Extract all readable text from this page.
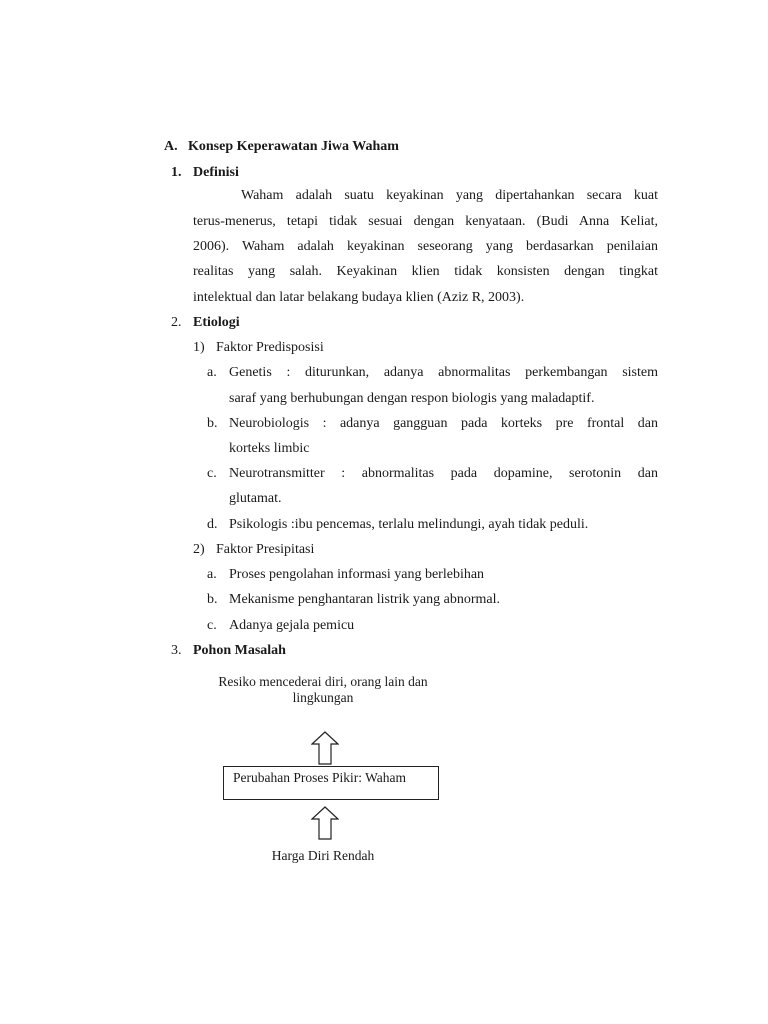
A. Konsep Keperawatan Jiwa Waham
1. Definisi
Waham adalah suatu keyakinan yang dipertahankan secara kuat
terus-menerus, tetapi tidak sesuai dengan kenyataan. (Budi Anna Keliat,
2006). Waham adalah keyakinan seseorang yang berdasarkan penilaian
realitas yang salah. Keyakinan klien tidak konsisten dengan tingkat
intelektual dan latar belakang budaya klien (Aziz R, 2003).
2. Etiologi
1) Faktor Predisposisi
a. Genetis : diturunkan, adanya abnormalitas perkembangan sistem
saraf yang berhubungan dengan respon biologis yang maladaptif.
b. Neurobiologis : adanya gangguan pada korteks pre frontal dan
korteks limbic
c. Neurotransmitter : abnormalitas pada dopamine, serotonin dan
glutamat.
d. Psikologis :ibu pencemas, terlalu melindungi, ayah tidak peduli.
2) Faktor Presipitasi
a. Proses pengolahan informasi yang berlebihan
b. Mekanisme penghantaran listrik yang abnormal.
c. Adanya gejala pemicu
3. Pohon Masalah
Resiko mencederai diri, orang lain dan
lingkungan
Perubahan Proses Pikir: Waham
Harga Diri Rendah
